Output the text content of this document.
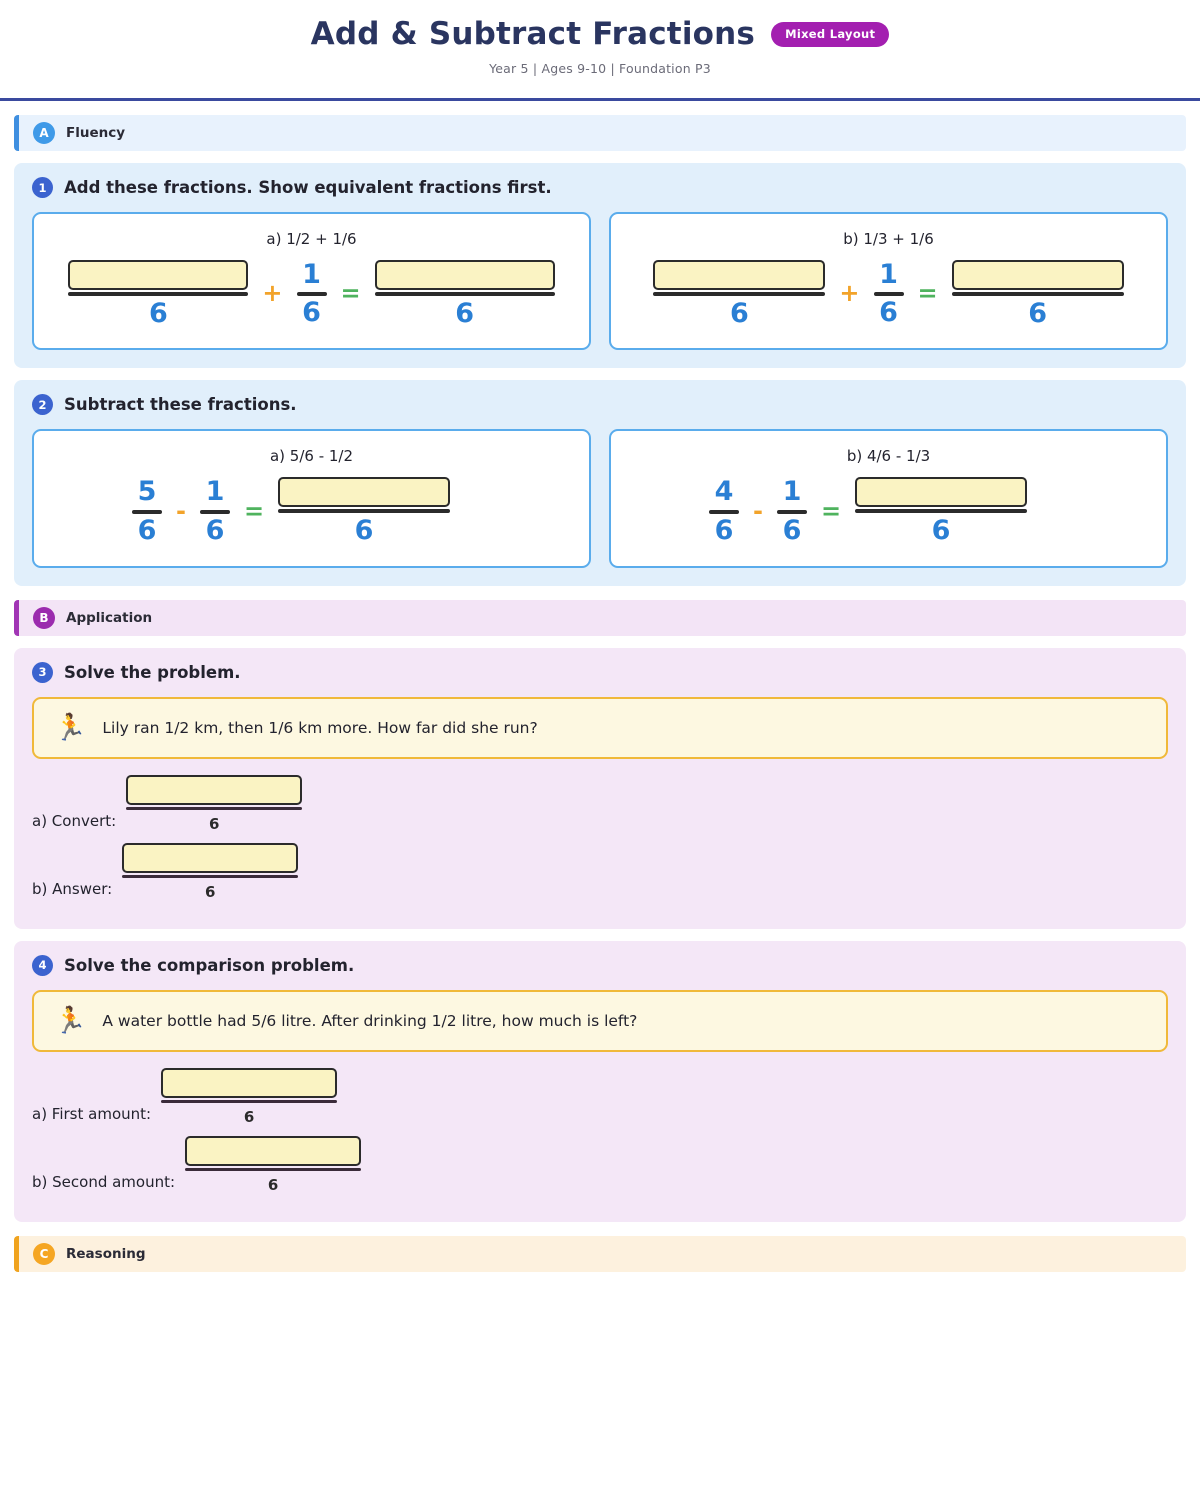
Add & Subtract Fractions	Mixed Layout
Year 5 | Ages 9-10 | Foundation P3
A	Fluency
1	Add these fractions. Show equivalent fractions first.
a) 1/2 + 1/6
6
+ $\frac{1}{6}$ =
6
b) 1/3 + 1/6
6
+ $\frac{1}{6}$ =
6
2	Subtract these fractions.
a) 5/6 - 1/2
$\frac{5}{6} - \frac{1}{6}$ =
6
b) 4/6 - 1/3
$\frac{4}{6} - \frac{1}{6}$ =
6
B	Application
3	Solve the problem.
🏃 Lily ran 1/2 km, then 1/6 km more. How far did she run?
a) Convert:	6
b) Answer:	6
4	Solve the comparison problem.
🏃 A water bottle had 5/6 litre. After drinking 1/2 litre, how much is left?
a) First amount:	6
b) Second amount:	6
C	Reasoning
